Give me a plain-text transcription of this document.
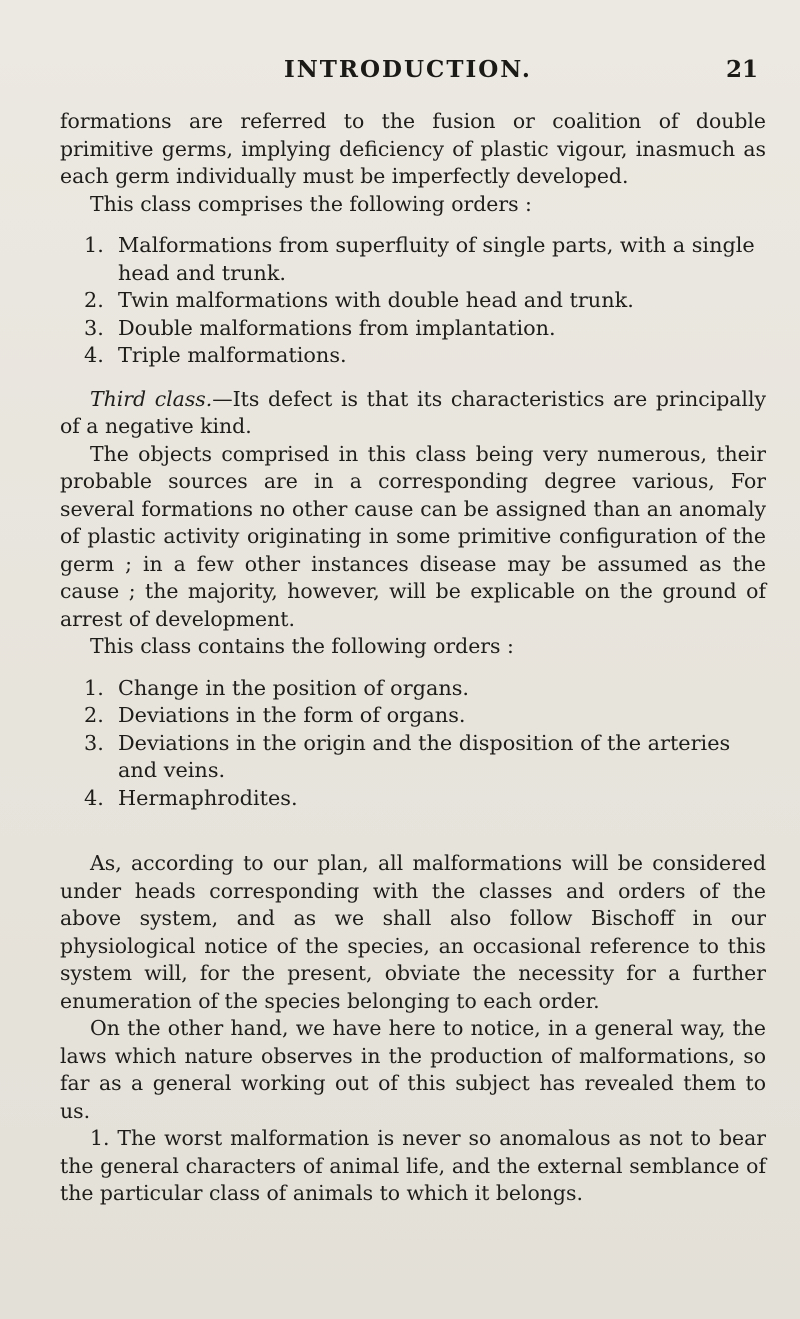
INTRODUCTION.	21

formations are referred to the fusion or coalition of double primitive germs, implying deficiency of plastic vigour, inasmuch as each germ individually must be imperfectly developed.

This class comprises the following orders :

1. Malformations from superfluity of single parts, with a single head and trunk.
2. Twin malformations with double head and trunk.
3. Double malformations from implantation.
4. Triple malformations.

Third class.—Its defect is that its characteristics are principally of a negative kind.

The objects comprised in this class being very numerous, their probable sources are in a corresponding degree various, For several formations no other cause can be assigned than an anomaly of plastic activity originating in some primitive configuration of the germ ; in a few other instances disease may be assumed as the cause ; the majority, however, will be explicable on the ground of arrest of development.

This class contains the following orders :

1. Change in the position of organs.
2. Deviations in the form of organs.
3. Deviations in the origin and the disposition of the arteries and veins.
4. Hermaphrodites.

As, according to our plan, all malformations will be considered under heads corresponding with the classes and orders of the above system, and as we shall also follow Bischoff in our physiological notice of the species, an occasional reference to this system will, for the present, obviate the necessity for a further enumeration of the species belonging to each order.

On the other hand, we have here to notice, in a general way, the laws which nature observes in the production of malformations, so far as a general working out of this subject has revealed them to us.

1. The worst malformation is never so anomalous as not to bear the general characters of animal life, and the external semblance of the particular class of animals to which it belongs.
